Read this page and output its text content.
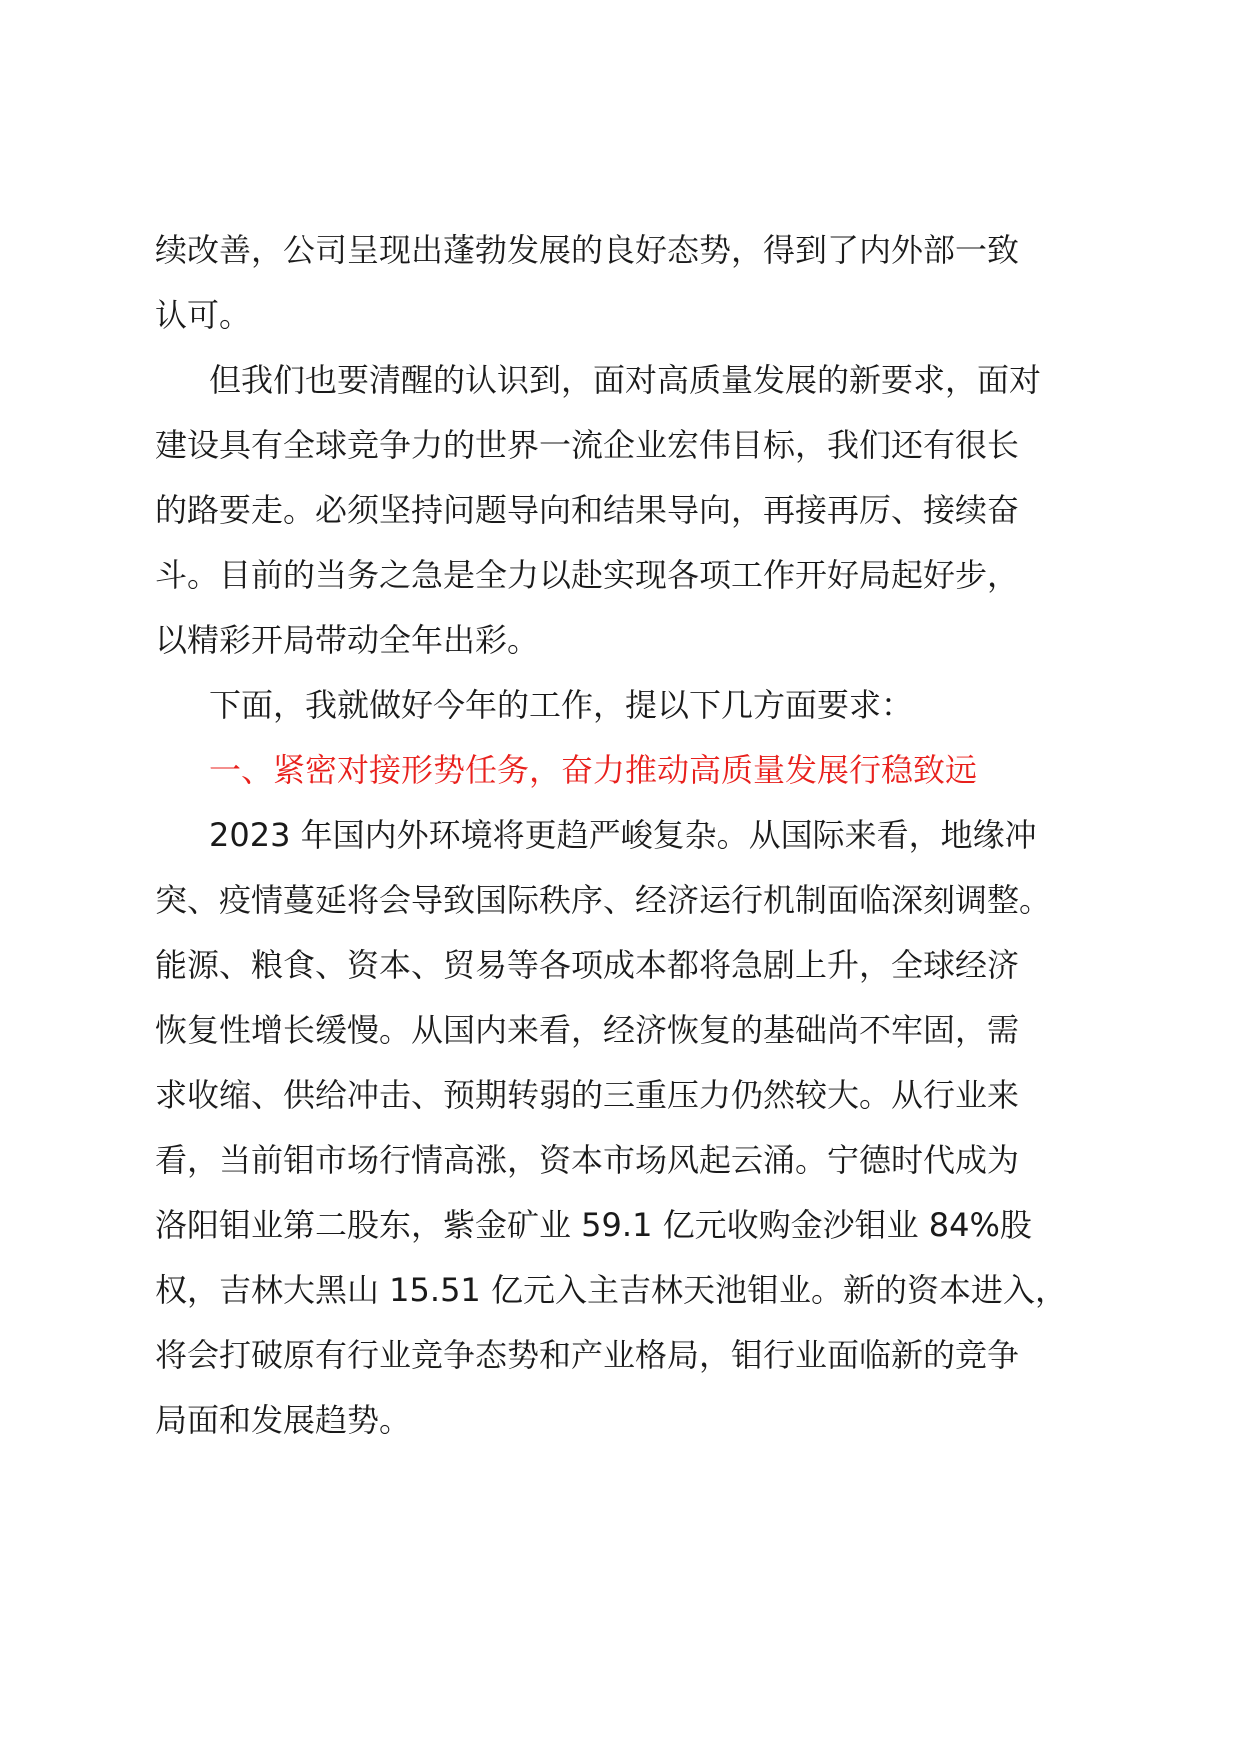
续改善，公司呈现出蓬勃发展的良好态势，得到了内外部一致
认可。
但我们也要清醒的认识到，面对高质量发展的新要求，面对
建设具有全球竞争力的世界一流企业宏伟目标，我们还有很长
的路要走。必须坚持问题导向和结果导向，再接再厉、接续奋
斗。目前的当务之急是全力以赴实现各项工作开好局起好步，
以精彩开局带动全年出彩。
下面，我就做好今年的工作，提以下几方面要求：
一、紧密对接形势任务，奋力推动高质量发展行稳致远
2023 年国内外环境将更趋严峻复杂。从国际来看，地缘冲
突、疫情蔓延将会导致国际秩序、经济运行机制面临深刻调整。
能源、粮食、资本、贸易等各项成本都将急剧上升，全球经济
恢复性增长缓慢。从国内来看，经济恢复的基础尚不牢固，需
求收缩、供给冲击、预期转弱的三重压力仍然较大。从行业来
看，当前钼市场行情高涨，资本市场风起云涌。宁德时代成为
洛阳钼业第二股东，紫金矿业 59.1 亿元收购金沙钼业 84%股
权，吉林大黑山 15.51 亿元入主吉林天池钼业。新的资本进入，
将会打破原有行业竞争态势和产业格局，钼行业面临新的竞争
局面和发展趋势。
